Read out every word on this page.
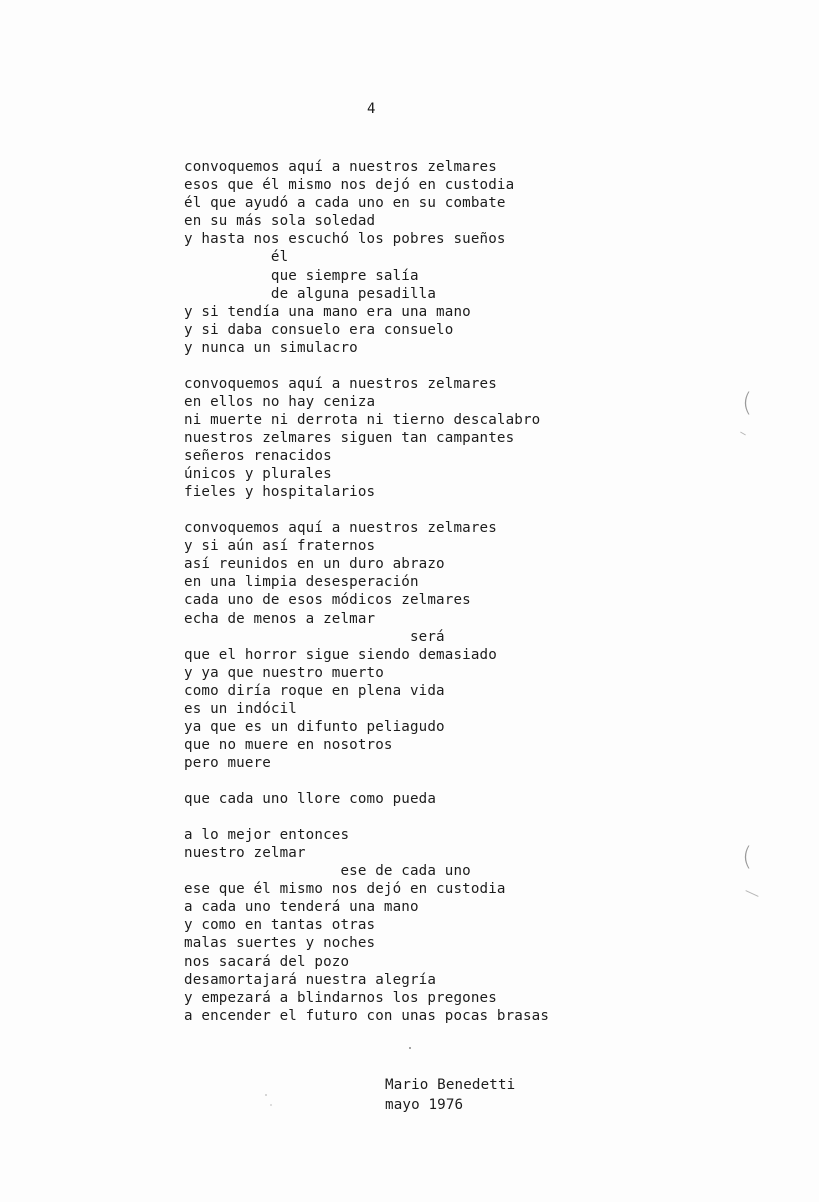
4
convoquemos aquí a nuestros zelmares
esos que él mismo nos dejó en custodia
él que ayudó a cada uno en su combate
en su más sola soledad
y hasta nos escuchó los pobres sueños
él
que siempre salía
de alguna pesadilla
y si tendía una mano era una mano
y si daba consuelo era consuelo
y nunca un simulacro
convoquemos aquí a nuestros zelmares
en ellos no hay ceniza
ni muerte ni derrota ni tierno descalabro
nuestros zelmares siguen tan campantes
señeros renacidos
únicos y plurales
fieles y hospitalarios
convoquemos aquí a nuestros zelmares
y si aún así fraternos
así reunidos en un duro abrazo
en una limpia desesperación
cada uno de esos módicos zelmares
echa de menos a zelmar
será
que el horror sigue siendo demasiado
y ya que nuestro muerto
como diría roque en plena vida
es un indócil
ya que es un difunto peliagudo
que no muere en nosotros
pero muere
que cada uno llore como pueda
a lo mejor entonces
nuestro zelmar
ese de cada uno
ese que él mismo nos dejó en custodia
a cada uno tenderá una mano
y como en tantas otras
malas suertes y noches
nos sacará del pozo
desamortajará nuestra alegría
y empezará a blindarnos los pregones
a encender el futuro con unas pocas brasas
Mario Benedetti
mayo 1976
(
(
